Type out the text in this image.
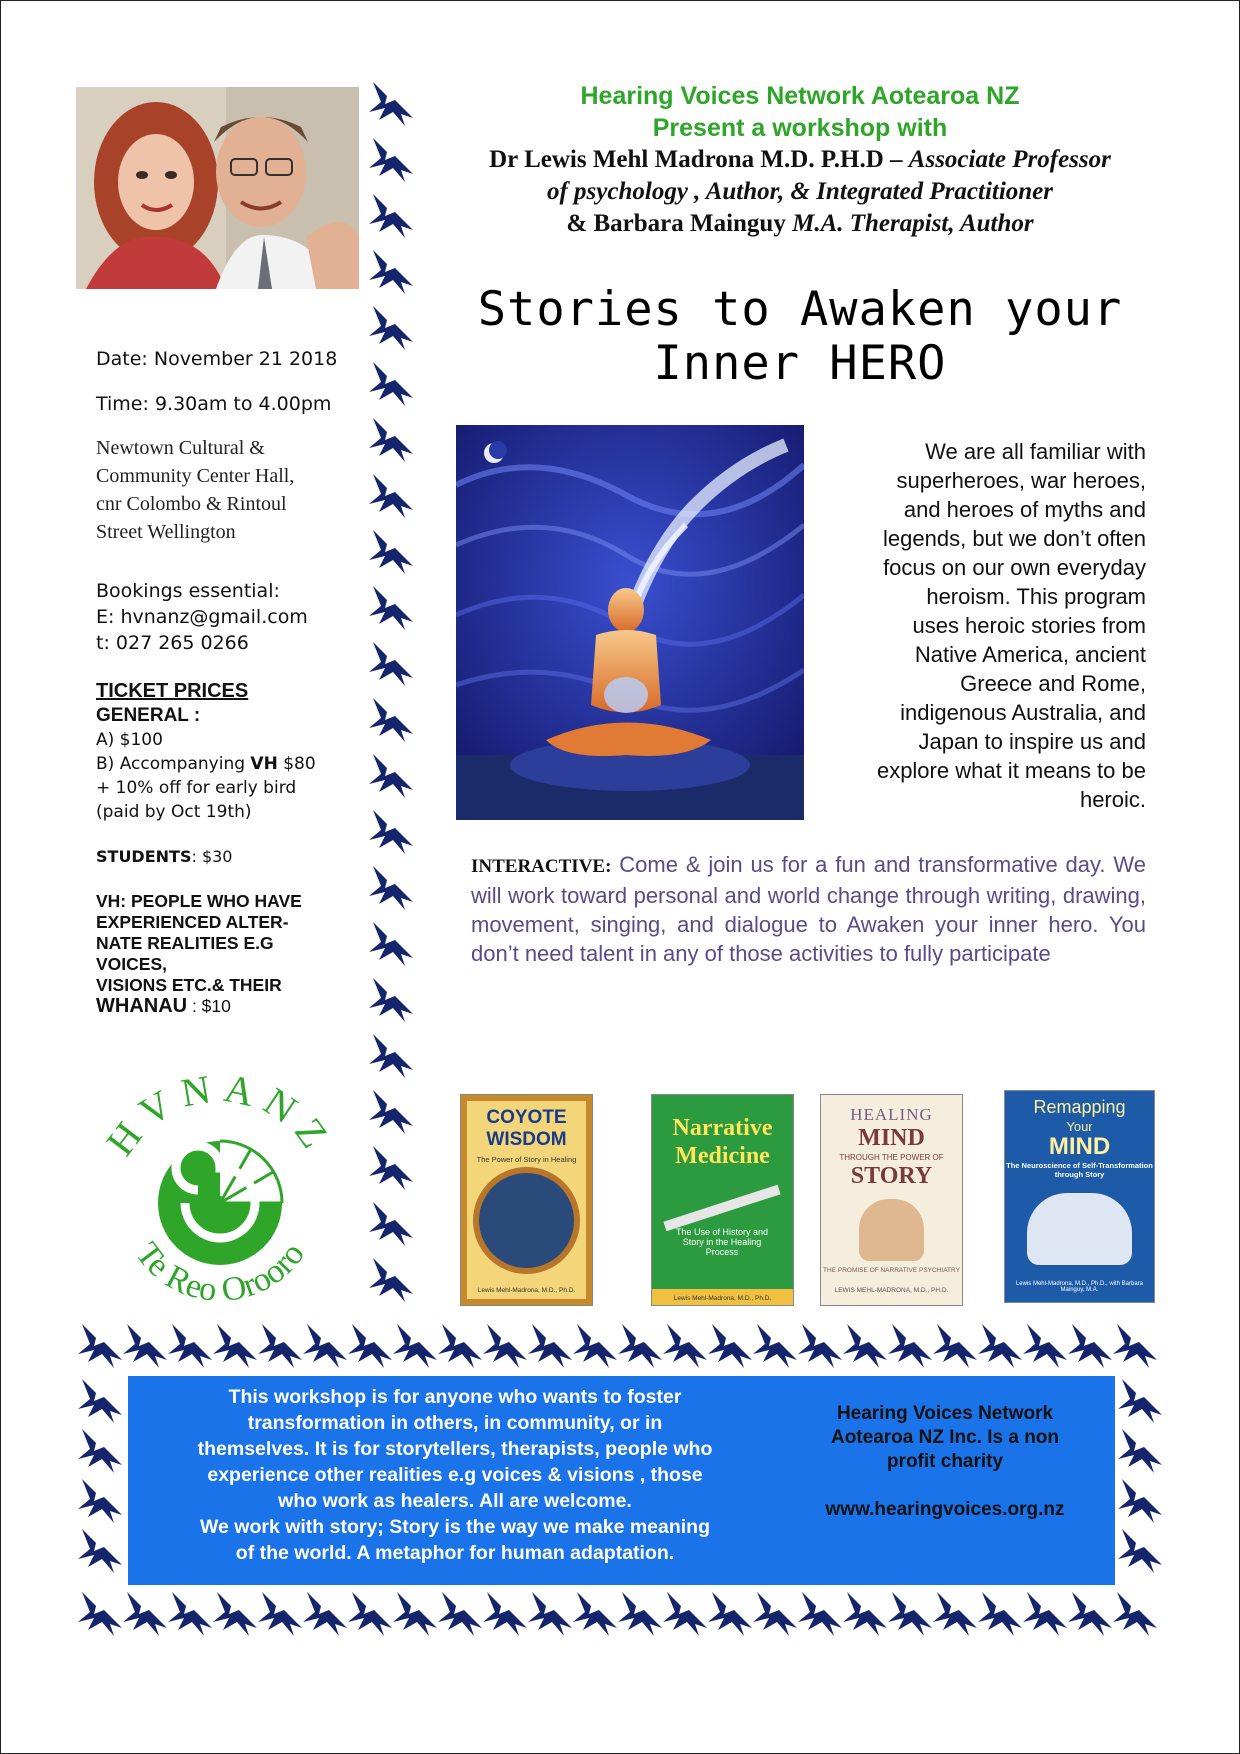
Hearing Voices Network Aotearoa NZ
Present a workshop with
Dr Lewis Mehl Madrona M.D. P.H.D – Associate Professor
of psychology , Author, & Integrated Practitioner
& Barbara Mainguy M.A. Therapist, Author
Stories to Awaken your
Inner HERO
We are all familiar with
superheroes, war heroes,
and heroes of myths and
legends, but we don’t often
focus on our own everyday
heroism. This program
uses heroic stories from
Native America, ancient
Greece and Rome,
indigenous Australia, and
Japan to inspire us and
explore what it means to be
heroic.
INTERACTIVE: Come & join us for a fun and transformative day. We will work toward personal and world change through writing, drawing, movement, singing, and dialogue to Awaken your inner hero. You don’t need talent in any of those activities to fully participate
Date: November 21 2018
Time: 9.30am to 4.00pm
Newtown Cultural &
Community Center Hall,
cnr Colombo & Rintoul
Street Wellington
Bookings essential:
E: hvnanz@gmail.com
t: 027 265 0266
TICKET PRICES
GENERAL :
A) $100
B) Accompanying VH $80
+ 10% off for early bird
(paid by Oct 19th)
STUDENTS: $30
VH: PEOPLE WHO HAVE
EXPERIENCED ALTER-
NATE REALITIES E.G
VOICES,
VISIONS ETC.& THEIR
WHANAU : $10
HVNANZ
Te Reo Orooro
COYOTE
WISDOM
The Power of Story in Healing
Lewis Mehl-Madrona, M.D., Ph.D.
Narrative
Medicine
The Use of History and Story in the Healing Process
Lewis Mehl-Madrona, M.D., Ph.D.
HEALING
MIND
THROUGH THE POWER OF
STORY
THE PROMISE OF NARRATIVE PSYCHIATRY
LEWIS MEHL-MADRONA, M.D., PH.D.
Remapping
Your
MIND
The Neuroscience of Self-Transformation through Story
Lewis Mehl-Madrona, M.D., Ph.D., with Barbara Mainguy, M.A.
This workshop is for anyone who wants to foster
transformation in others, in community, or in
themselves. It is for storytellers, therapists, people who
experience other realities e.g voices & visions , those
who work as healers. All are welcome.
We work with story; Story is the way we make meaning
of the world. A metaphor for human adaptation.
Hearing Voices Network
Aotearoa NZ Inc. Is a non
profit charity
www.hearingvoices.org.nz
